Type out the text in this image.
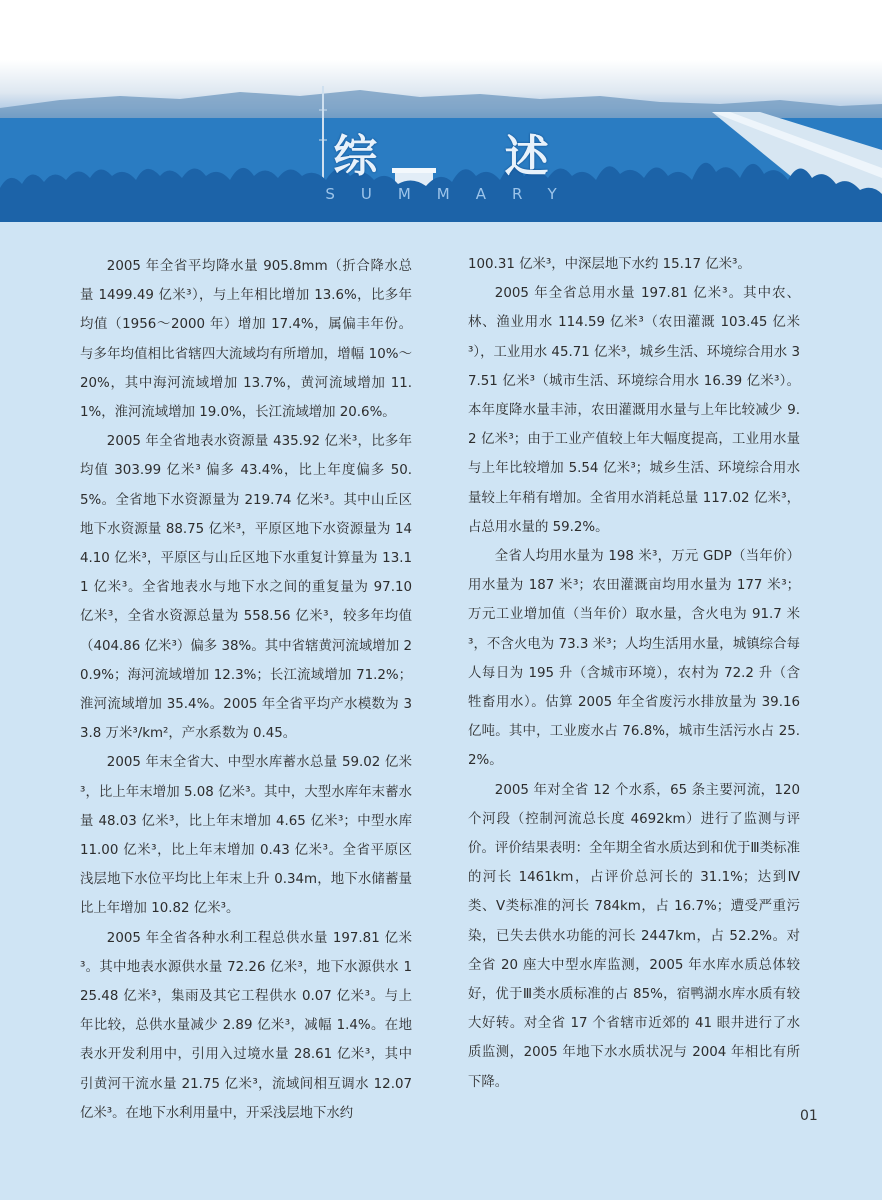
综 述
SUMMARY

2005 年全省平均降水量 905.8mm（折合降水总量 1499.49 亿米³），与上年相比增加 13.6%，比多年均值（1956～2000 年）增加 17.4%，属偏丰年份。与多年均值相比省辖四大流域均有所增加，增幅 10%～20%，其中海河流域增加 13.7%，黄河流域增加 11.1%，淮河流域增加 19.0%，长江流域增加 20.6%。

2005 年全省地表水资源量 435.92 亿米³，比多年均值 303.99 亿米³ 偏多 43.4%，比上年度偏多 50.5%。全省地下水资源量为 219.74 亿米³。其中山丘区地下水资源量 88.75 亿米³，平原区地下水资源量为 144.10 亿米³，平原区与山丘区地下水重复计算量为 13.11 亿米³。全省地表水与地下水之间的重复量为 97.10 亿米³，全省水资源总量为 558.56 亿米³，较多年均值（404.86 亿米³）偏多 38%。其中省辖黄河流域增加 20.9%；海河流域增加 12.3%；长江流域增加 71.2%；淮河流域增加 35.4%。2005 年全省平均产水模数为 33.8 万米³/km²，产水系数为 0.45。

2005 年末全省大、中型水库蓄水总量 59.02 亿米³，比上年末增加 5.08 亿米³。其中，大型水库年末蓄水量 48.03 亿米³，比上年末增加 4.65 亿米³；中型水库 11.00 亿米³，比上年末增加 0.43 亿米³。全省平原区浅层地下水位平均比上年末上升 0.34m，地下水储蓄量比上年增加 10.82 亿米³。

2005 年全省各种水利工程总供水量 197.81 亿米³。其中地表水源供水量 72.26 亿米³，地下水源供水 125.48 亿米³，集雨及其它工程供水 0.07 亿米³。与上年比较，总供水量减少 2.89 亿米³，减幅 1.4%。在地表水开发利用中，引用入过境水量 28.61 亿米³，其中引黄河干流水量 21.75 亿米³，流域间相互调水 12.07 亿米³。在地下水利用量中，开采浅层地下水约

100.31 亿米³，中深层地下水约 15.17 亿米³。

2005 年全省总用水量 197.81 亿米³。其中农、林、渔业用水 114.59 亿米³（农田灌溉 103.45 亿米³），工业用水 45.71 亿米³，城乡生活、环境综合用水 37.51 亿米³（城市生活、环境综合用水 16.39 亿米³）。本年度降水量丰沛，农田灌溉用水量与上年比较减少 9.2 亿米³；由于工业产值较上年大幅度提高，工业用水量与上年比较增加 5.54 亿米³；城乡生活、环境综合用水量较上年稍有增加。全省用水消耗总量 117.02 亿米³，占总用水量的 59.2%。

全省人均用水量为 198 米³，万元 GDP（当年价）用水量为 187 米³；农田灌溉亩均用水量为 177 米³；万元工业增加值（当年价）取水量，含火电为 91.7 米³，不含火电为 73.3 米³；人均生活用水量，城镇综合每人每日为 195 升（含城市环境），农村为 72.2 升（含牲畜用水）。估算 2005 年全省废污水排放量为 39.16 亿吨。其中，工业废水占 76.8%，城市生活污水占 25.2%。

2005 年对全省 12 个水系，65 条主要河流，120 个河段（控制河流总长度 4692km）进行了监测与评价。评价结果表明：全年期全省水质达到和优于Ⅲ类标准的河长 1461km，占评价总河长的 31.1%；达到Ⅳ类、Ⅴ类标准的河长 784km，占 16.7%；遭受严重污染，已失去供水功能的河长 2447km，占 52.2%。对全省 20 座大中型水库监测，2005 年水库水质总体较好，优于Ⅲ类水质标准的占 85%，宿鸭湖水库水质有较大好转。对全省 17 个省辖市近郊的 41 眼井进行了水质监测，2005 年地下水水质状况与 2004 年相比有所下降。

01
